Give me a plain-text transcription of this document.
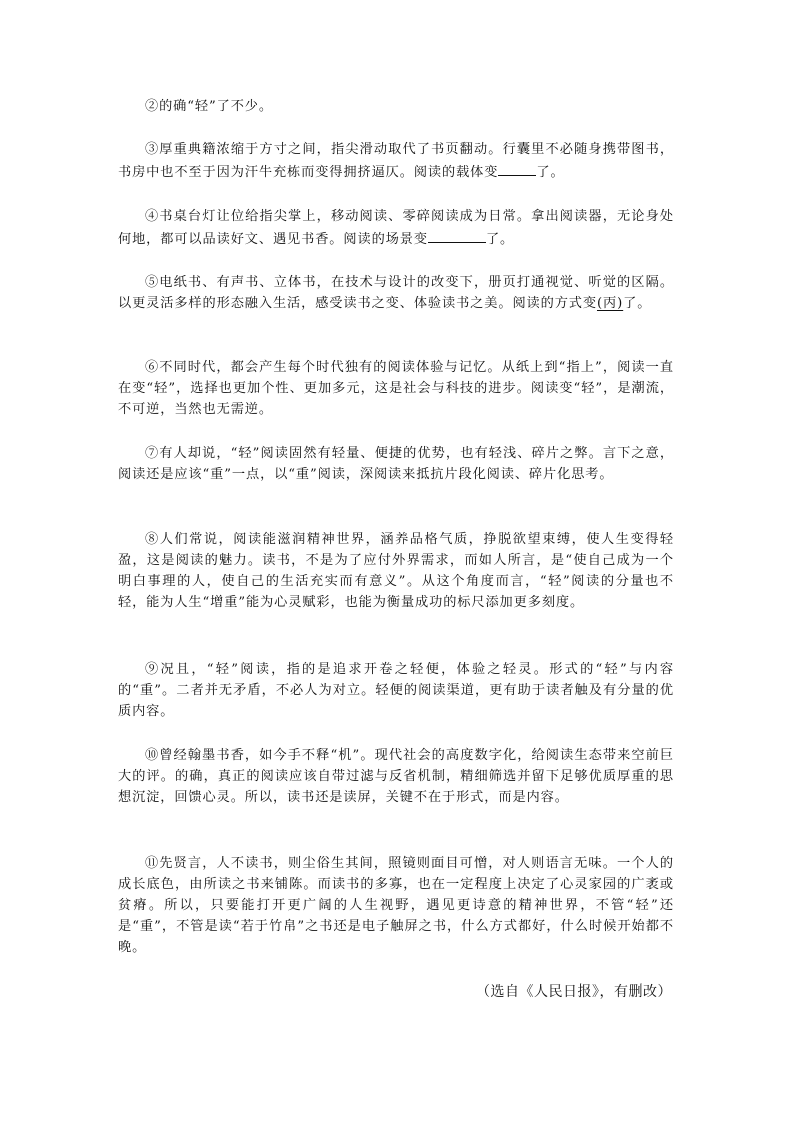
②的确“轻”了不少。

③厚重典籍浓缩于方寸之间，指尖滑动取代了书页翻动。行囊里不必随身携带图书，书房中也不至于因为汗牛充栋而变得拥挤逼仄。阅读的载体变	了。

④书桌台灯让位给指尖掌上，移动阅读、零碎阅读成为日常。拿出阅读器，无论身处何地，都可以品读好文、遇见书香。阅读的场景变	了。

⑤电纸书、有声书、立体书，在技术与设计的改变下，册页打通视觉、听觉的区隔。以更灵活多样的形态融入生活，感受读书之变、体验读书之美。阅读的方式变(丙)了。

⑥不同时代，都会产生每个时代独有的阅读体验与记忆。从纸上到“指上”，阅读一直在变“轻”，选择也更加个性、更加多元，这是社会与科技的进步。阅读变“轻”，是潮流，不可逆，当然也无需逆。

⑦有人却说，“轻”阅读固然有轻量、便捷的优势，也有轻浅、碎片之弊。言下之意，阅读还是应该“重”一点，以“重”阅读，深阅读来抵抗片段化阅读、碎片化思考。

⑧人们常说，阅读能滋润精神世界，涵养品格气质，挣脱欲望束缚，使人生变得轻盈，这是阅读的魅力。读书，不是为了应付外界需求，而如人所言，是“使自己成为一个明白事理的人，使自己的生活充实而有意义”。从这个角度而言，“轻”阅读的分量也不轻，能为人生“增重”能为心灵赋彩，也能为衡量成功的标尺添加更多刻度。

⑨况且，“轻”阅读，指的是追求开卷之轻便，体验之轻灵。形式的“轻”与内容的“重”。二者并无矛盾，不必人为对立。轻便的阅读渠道，更有助于读者触及有分量的优质内容。

⑩曾经翰墨书香，如今手不释“机”。现代社会的高度数字化，给阅读生态带来空前巨大的评。的确，真正的阅读应该自带过滤与反省机制，精细筛选并留下足够优质厚重的思想沉淀，回馈心灵。所以，读书还是读屏，关键不在于形式，而是内容。

⑪先贤言，人不读书，则尘俗生其间，照镜则面目可憎，对人则语言无味。一个人的成长底色，由所读之书来铺陈。而读书的多寡，也在一定程度上决定了心灵家园的广袤或贫瘠。所以，只要能打开更广阔的人生视野，遇见更诗意的精神世界，不管“轻”还是“重”，不管是读“若于竹帛”之书还是电子触屏之书，什么方式都好，什么时候开始都不晚。

（选自《人民日报》，有删改）
